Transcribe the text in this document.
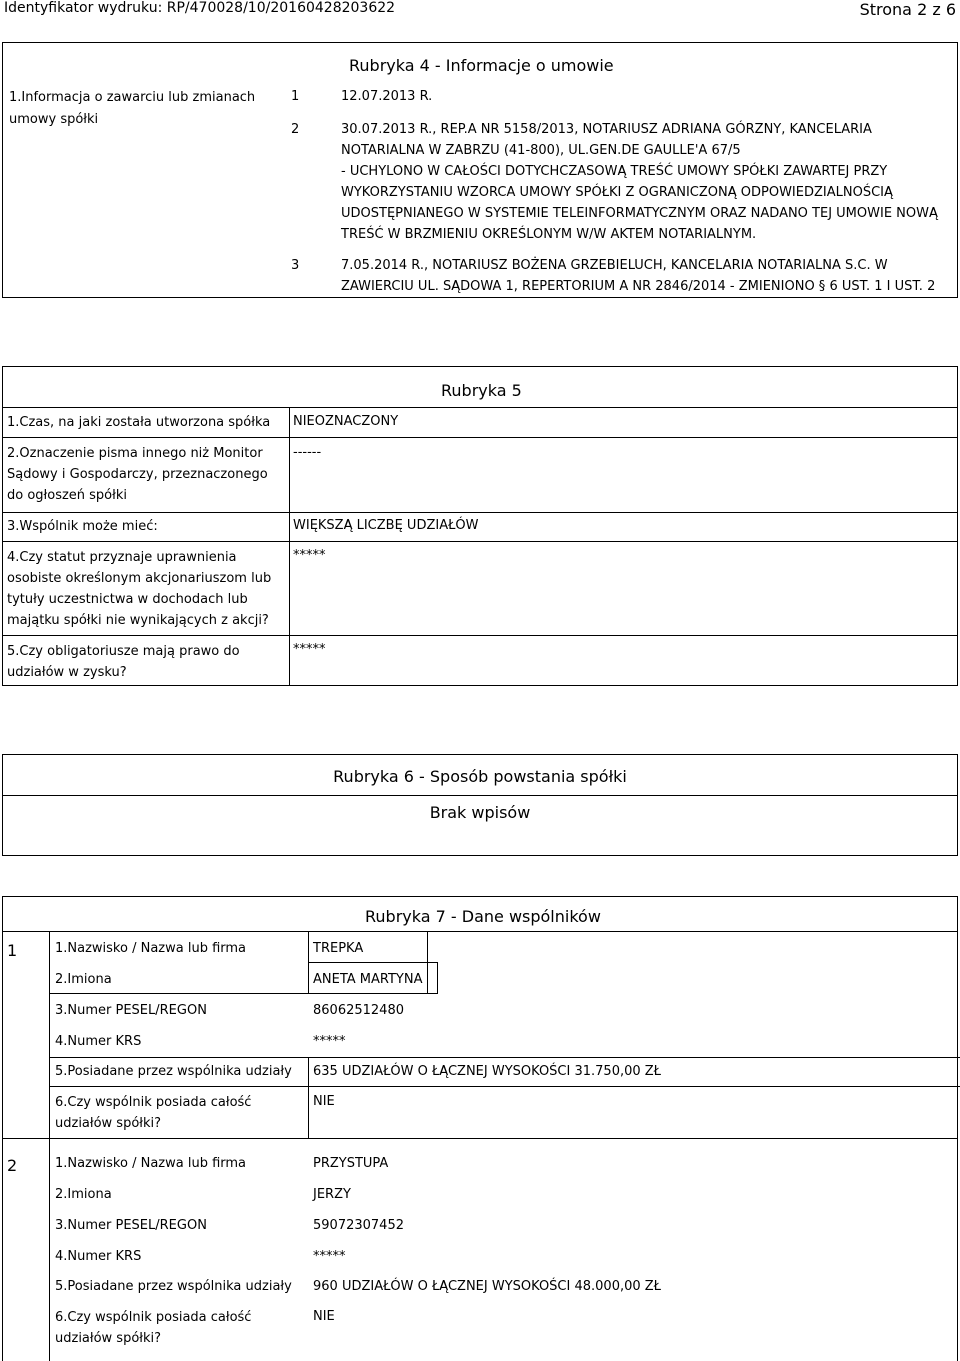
Identyfikator wydruku: RP/470028/10/20160428203622	Strona 2 z 6
Rubryka 4 - Informacje o umowie
1.Informacja o zawarciu lub zmianach umowy spółki
1	12.07.2013 R.
2	30.07.2013 R., REP.A NR 5158/2013, NOTARIUSZ ADRIANA GÓRZNY, KANCELARIA
NOTARIALNA W ZABRZU (41-800), UL.GEN.DE GAULLE'A 67/5
- UCHYLONO W CAŁOŚCI DOTYCHCZASOWĄ TREŚĆ UMOWY SPÓŁKI ZAWARTEJ PRZY
WYKORZYSTANIU WZORCA UMOWY SPÓŁKI Z OGRANICZONĄ ODPOWIEDZIALNOŚCIĄ
UDOSTĘPNIANEGO W SYSTEMIE TELEINFORMATYCZNYM ORAZ NADANO TEJ UMOWIE NOWĄ
TREŚĆ W BRZMIENIU OKREŚLONYM W/W AKTEM NOTARIALNYM.
3	7.05.2014 R., NOTARIUSZ BOŻENA GRZEBIELUCH, KANCELARIA NOTARIALNA S.C. W
ZAWIERCIU UL. SĄDOWA 1, REPERTORIUM A NR 2846/2014 - ZMIENIONO § 6 UST. 1 I UST. 2
Rubryka 5
1.Czas, na jaki została utworzona spółka	NIEOZNACZONY
2.Oznaczenie pisma innego niż Monitor Sądowy i Gospodarczy, przeznaczonego do ogłoszeń spółki
------
3.Wspólnik może mieć:	WIĘKSZĄ LICZBĘ UDZIAŁÓW
4.Czy statut przyznaje uprawnienia osobiste określonym akcjonariuszom lub tytuły uczestnictwa w dochodach lub majątku spółki nie wynikających z akcji?
*****
5.Czy obligatoriusze mają prawo do udziałów w zysku?
*****
Rubryka 6 - Sposób powstania spółki
Brak wpisów
Rubryka 7 - Dane wspólników
1	1.Nazwisko / Nazwa lub firma	TREPKA
2.Imiona	ANETA MARTYNA
3.Numer PESEL/REGON	86062512480
4.Numer KRS	*****
5.Posiadane przez wspólnika udziały 635 UDZIAŁÓW O ŁĄCZNEJ WYSOKOŚCI 31.750,00 ZŁ
6.Czy wspólnik posiada całość udziałów spółki?
NIE
2	1.Nazwisko / Nazwa lub firma	PRZYSTUPA
2.Imiona	JERZY
3.Numer PESEL/REGON	59072307452
4.Numer KRS	*****
5.Posiadane przez wspólnika udziały 960 UDZIAŁÓW O ŁĄCZNEJ WYSOKOŚCI 48.000,00 ZŁ
6.Czy wspólnik posiada całość udziałów spółki?
NIE
